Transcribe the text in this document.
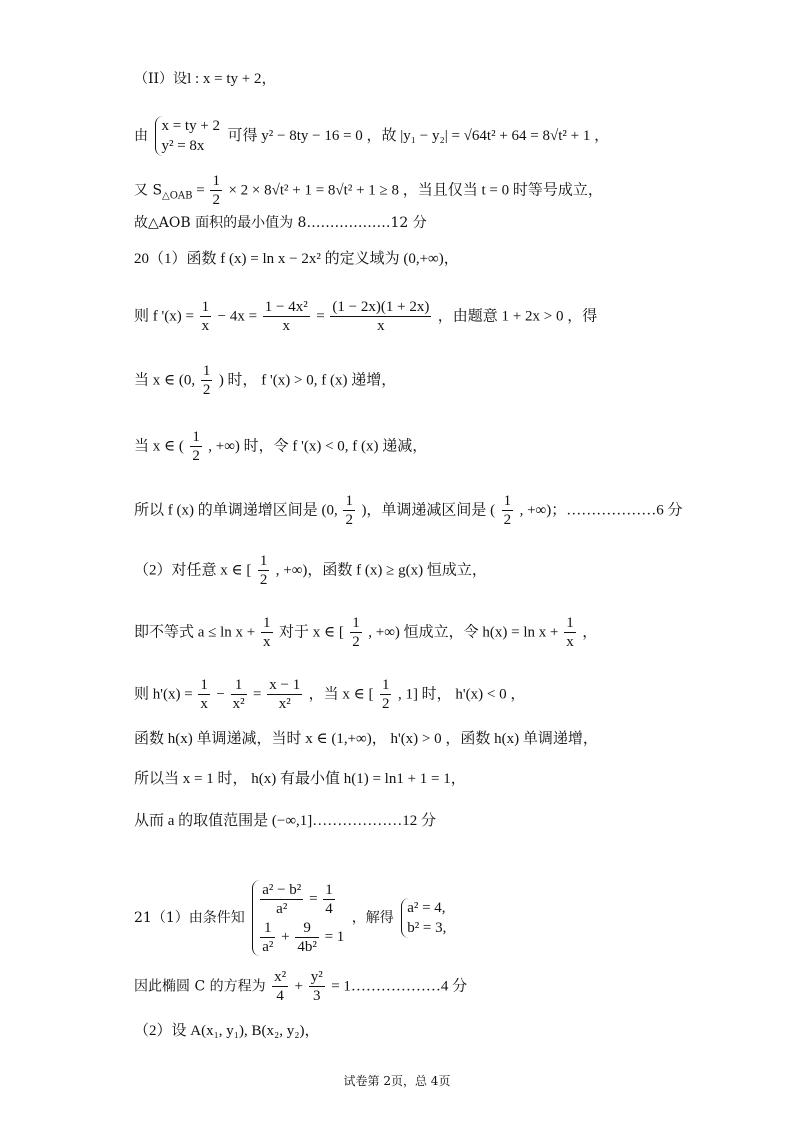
（II）设l : x = ty + 2，
由
x = ty + 2
y² = 8x
可得 y² − 8ty − 16 = 0 ，故 |y₁ − y₂| = √64t² + 64 = 8√t² + 1 ，
又 $S_{\triangle OAB} = \frac{1}{2} \times 2 \times 8√t^2 + 1 = 8√t^2 + 1 \ge 8$ ，当且仅当 t = 0 时等号成立，
故△AOB 面积的最小值为 8………………12 分
20（1）函数 f (x) = ln x − 2x² 的定义域为 (0,+∞)，
则 f '$(x) = \frac{1}{x} - 4x = \frac{\text{1 − 4x²}}{x} = \frac{(1 - 2x)(1 + 2x)}{x}$ ，由题意 1 + 2x > 0 ，得
当 x ∈ (0, $\frac{1}{2}$ ) 时， f '(x) > 0, f (x) 递增，
当 x ∈ ( $\frac{1}{2}$ , +∞) 时，令 f '(x) < 0, f (x) 递减，
所以 f (x) 的单调递增区间是 (0, $\frac{1}{2}$ )，单调递减区间是 ( $\frac{1}{2}$ , +∞)；………………6 分
（2）对任意 x ∈ [ $\frac{1}{2}$ , +∞)，函数 f (x) ≥ g(x) 恒成立，
即不等式 $a \le \ln x + \frac{1}{x}$ 对于 x ∈ [ $\frac{1}{2}$ , +∞) 恒成立，令 $h(x) = \ln x + \frac{1}{x}$ ，
则 $h'(x) = \frac{1}{x} - \frac{1}{\text{x²}} = \frac{x - 1}{\text{x²}}$ ，当 x ∈ [ $\frac{1}{2}$ , 1] 时， h'(x) < 0 ，
函数 h(x) 单调递减，当时 x ∈ (1,+∞)， h'(x) > 0 ，函数 h(x) 单调递增，
所以当 x = 1 时， h(x) 有最小值 h(1) = ln1 + 1 = 1，
从而 a 的取值范围是 (−∞,1]………………12 分
21（1）由条件知 $\frac{\text{a² − b²}}{\text{a²}} = \frac{1}{4}$
$\frac{1}{\text{a²}} + \frac{9}{\text{4b²}} = 1$
，解得
a² = 4,
b² = 3,
因此椭圆 C 的方程为 $\frac{\text{x²}}{4} + \frac{\text{y²}}{3}$ = 1………………4 分
（2）设 A(x₁, y₁), B(x₂, y₂)，
试卷第 2页，总 4页
